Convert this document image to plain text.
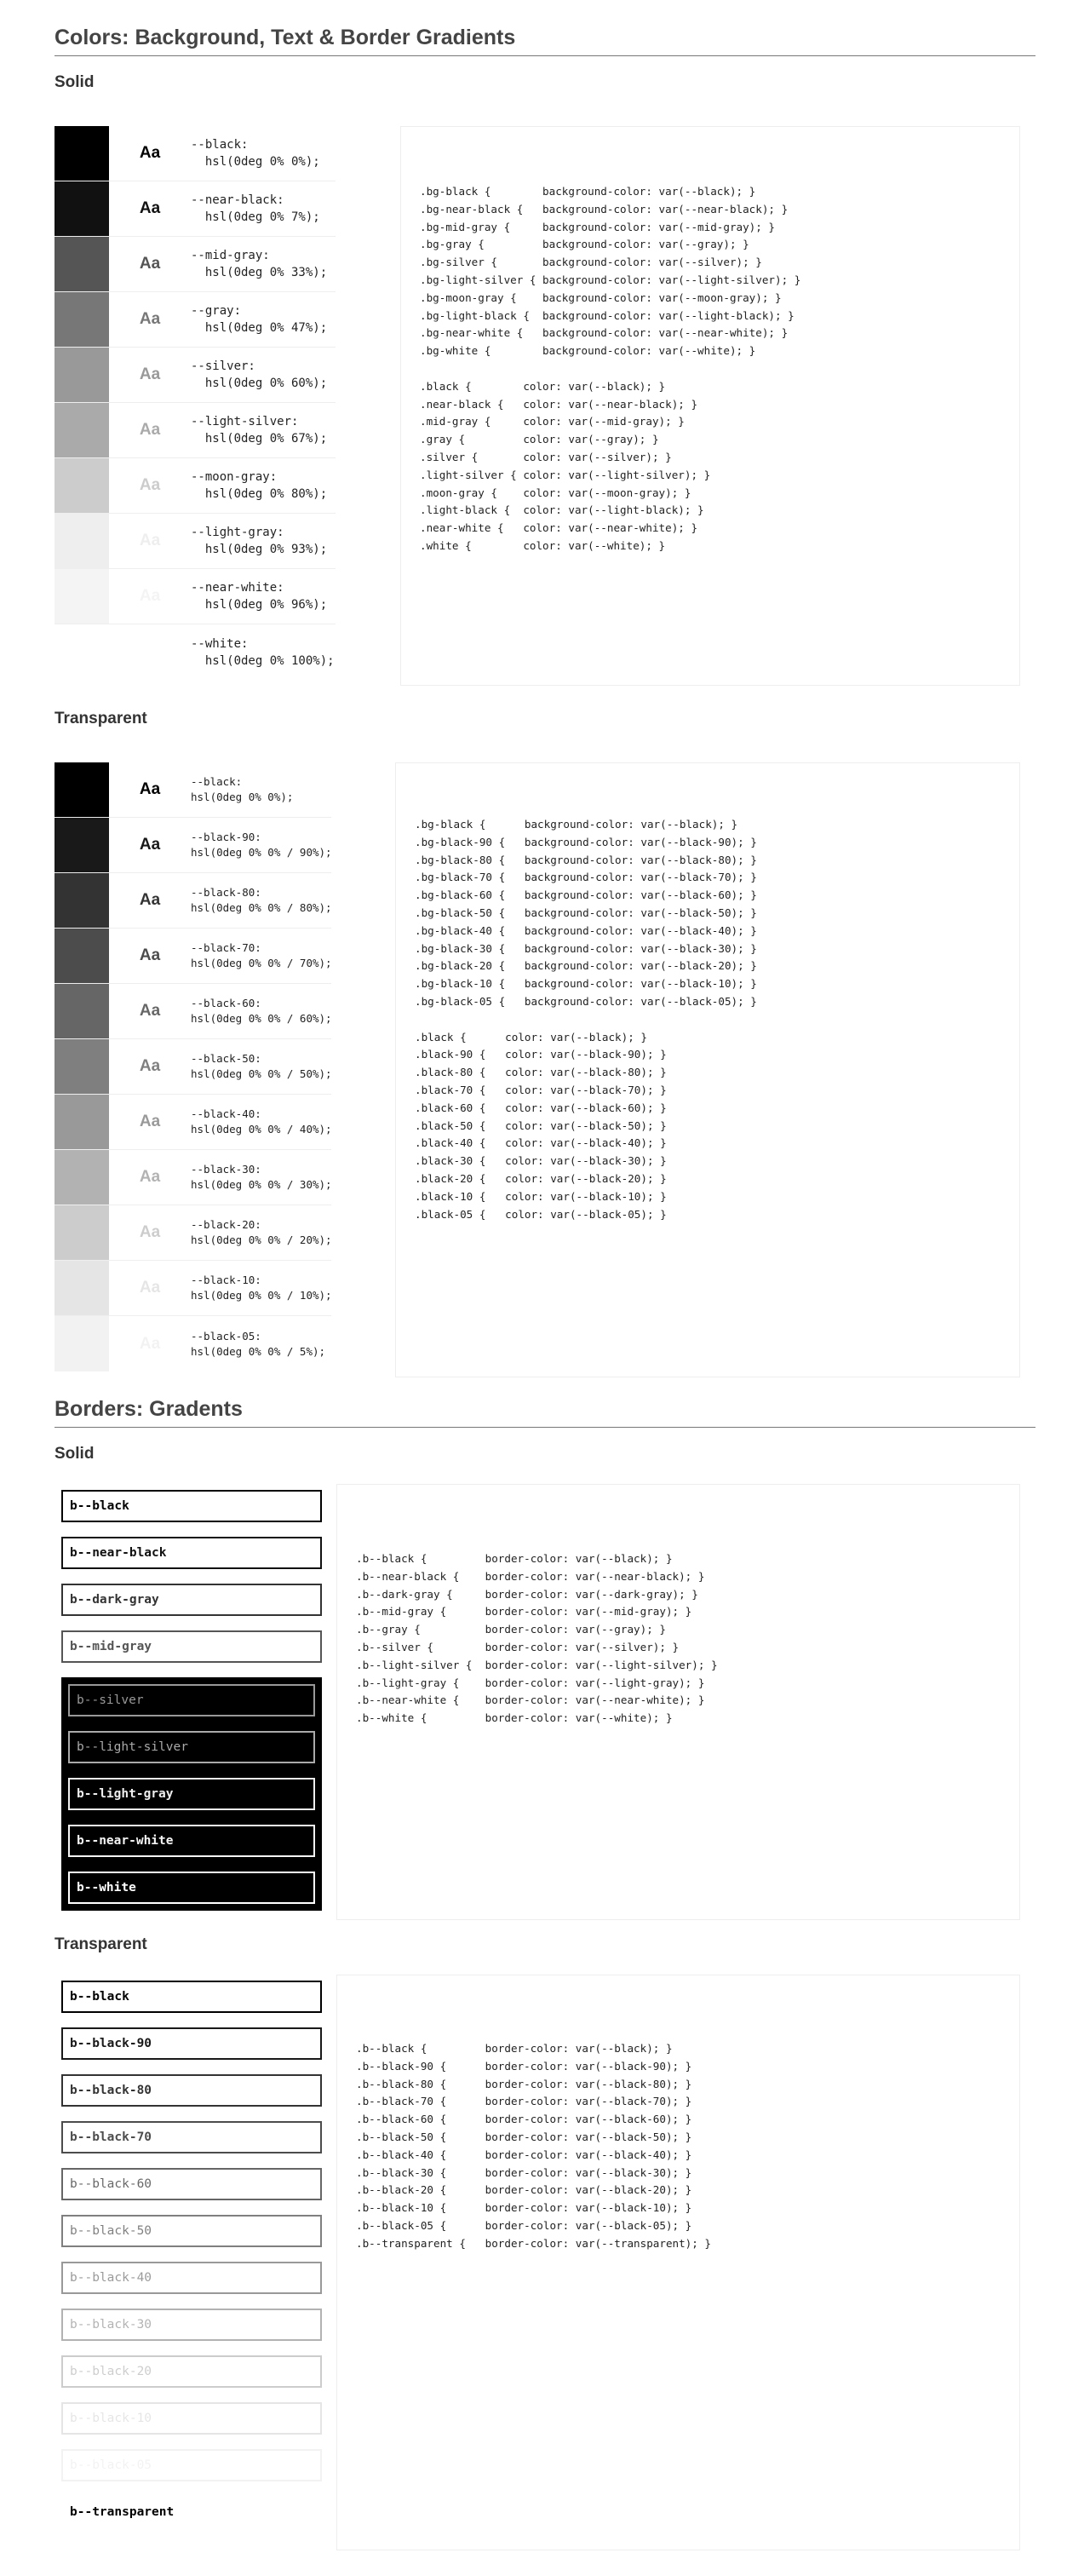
Colors: Background, Text & Border Gradients
Solid
Aa	--black:
hsl(0deg 0% 0%);
Aa	--near-black:
hsl(0deg 0% 7%);
Aa	--mid-gray:
hsl(0deg 0% 33%);
Aa	--gray:
hsl(0deg 0% 47%);
Aa	--silver:
hsl(0deg 0% 60%);
Aa	--light-silver:
hsl(0deg 0% 67%);
Aa	--moon-gray:
hsl(0deg 0% 80%);
Aa	--light-gray:
hsl(0deg 0% 93%);
Aa	--near-white:
hsl(0deg 0% 96%);
Aa	--white:
hsl(0deg 0% 100%);
.bg-black {        background-color: var(--black); }
.bg-near-black {   background-color: var(--near-black); }
.bg-mid-gray {     background-color: var(--mid-gray); }
.bg-gray {         background-color: var(--gray); }
.bg-silver {       background-color: var(--silver); }
.bg-light-silver { background-color: var(--light-silver); }
.bg-moon-gray {    background-color: var(--moon-gray); }
.bg-light-black {  background-color: var(--light-black); }
.bg-near-white {   background-color: var(--near-white); }
.bg-white {        background-color: var(--white); }

.black {        color: var(--black); }
.near-black {   color: var(--near-black); }
.mid-gray {     color: var(--mid-gray); }
.gray {         color: var(--gray); }
.silver {       color: var(--silver); }
.light-silver { color: var(--light-silver); }
.moon-gray {    color: var(--moon-gray); }
.light-black {  color: var(--light-black); }
.near-white {   color: var(--near-white); }
.white {        color: var(--white); }
Transparent
Aa	--black:
hsl(0deg 0% 0%);
Aa	--black-90:
hsl(0deg 0% 0% / 90%);
Aa	--black-80:
hsl(0deg 0% 0% / 80%);
Aa	--black-70:
hsl(0deg 0% 0% / 70%);
Aa	--black-60:
hsl(0deg 0% 0% / 60%);
Aa	--black-50:
hsl(0deg 0% 0% / 50%);
Aa	--black-40:
hsl(0deg 0% 0% / 40%);
Aa	--black-30:
hsl(0deg 0% 0% / 30%);
Aa	--black-20:
hsl(0deg 0% 0% / 20%);
Aa	--black-10:
hsl(0deg 0% 0% / 10%);
Aa	--black-05:
hsl(0deg 0% 0% / 5%);
.bg-black {      background-color: var(--black); }
.bg-black-90 {   background-color: var(--black-90); }
.bg-black-80 {   background-color: var(--black-80); }
.bg-black-70 {   background-color: var(--black-70); }
.bg-black-60 {   background-color: var(--black-60); }
.bg-black-50 {   background-color: var(--black-50); }
.bg-black-40 {   background-color: var(--black-40); }
.bg-black-30 {   background-color: var(--black-30); }
.bg-black-20 {   background-color: var(--black-20); }
.bg-black-10 {   background-color: var(--black-10); }
.bg-black-05 {   background-color: var(--black-05); }

.black {      color: var(--black); }
.black-90 {   color: var(--black-90); }
.black-80 {   color: var(--black-80); }
.black-70 {   color: var(--black-70); }
.black-60 {   color: var(--black-60); }
.black-50 {   color: var(--black-50); }
.black-40 {   color: var(--black-40); }
.black-30 {   color: var(--black-30); }
.black-20 {   color: var(--black-20); }
.black-10 {   color: var(--black-10); }
.black-05 {   color: var(--black-05); }
Borders: Gradents
Solid
b--black
b--near-black
b--dark-gray
b--mid-gray
b--silver
b--light-silver
b--light-gray
b--near-white
b--white
.b--black {         border-color: var(--black); }
.b--near-black {    border-color: var(--near-black); }
.b--dark-gray {     border-color: var(--dark-gray); }
.b--mid-gray {      border-color: var(--mid-gray); }
.b--gray {          border-color: var(--gray); }
.b--silver {        border-color: var(--silver); }
.b--light-silver {  border-color: var(--light-silver); }
.b--light-gray {    border-color: var(--light-gray); }
.b--near-white {    border-color: var(--near-white); }
.b--white {         border-color: var(--white); }
Transparent
b--black
b--black-90
b--black-80
b--black-70
b--black-60
b--black-50
b--black-40
b--black-30
b--black-20
b--black-10
b--black-05
b--transparent
.b--black {         border-color: var(--black); }
.b--black-90 {      border-color: var(--black-90); }
.b--black-80 {      border-color: var(--black-80); }
.b--black-70 {      border-color: var(--black-70); }
.b--black-60 {      border-color: var(--black-60); }
.b--black-50 {      border-color: var(--black-50); }
.b--black-40 {      border-color: var(--black-40); }
.b--black-30 {      border-color: var(--black-30); }
.b--black-20 {      border-color: var(--black-20); }
.b--black-10 {      border-color: var(--black-10); }
.b--black-05 {      border-color: var(--black-05); }
.b--transparent {   border-color: var(--transparent); }
